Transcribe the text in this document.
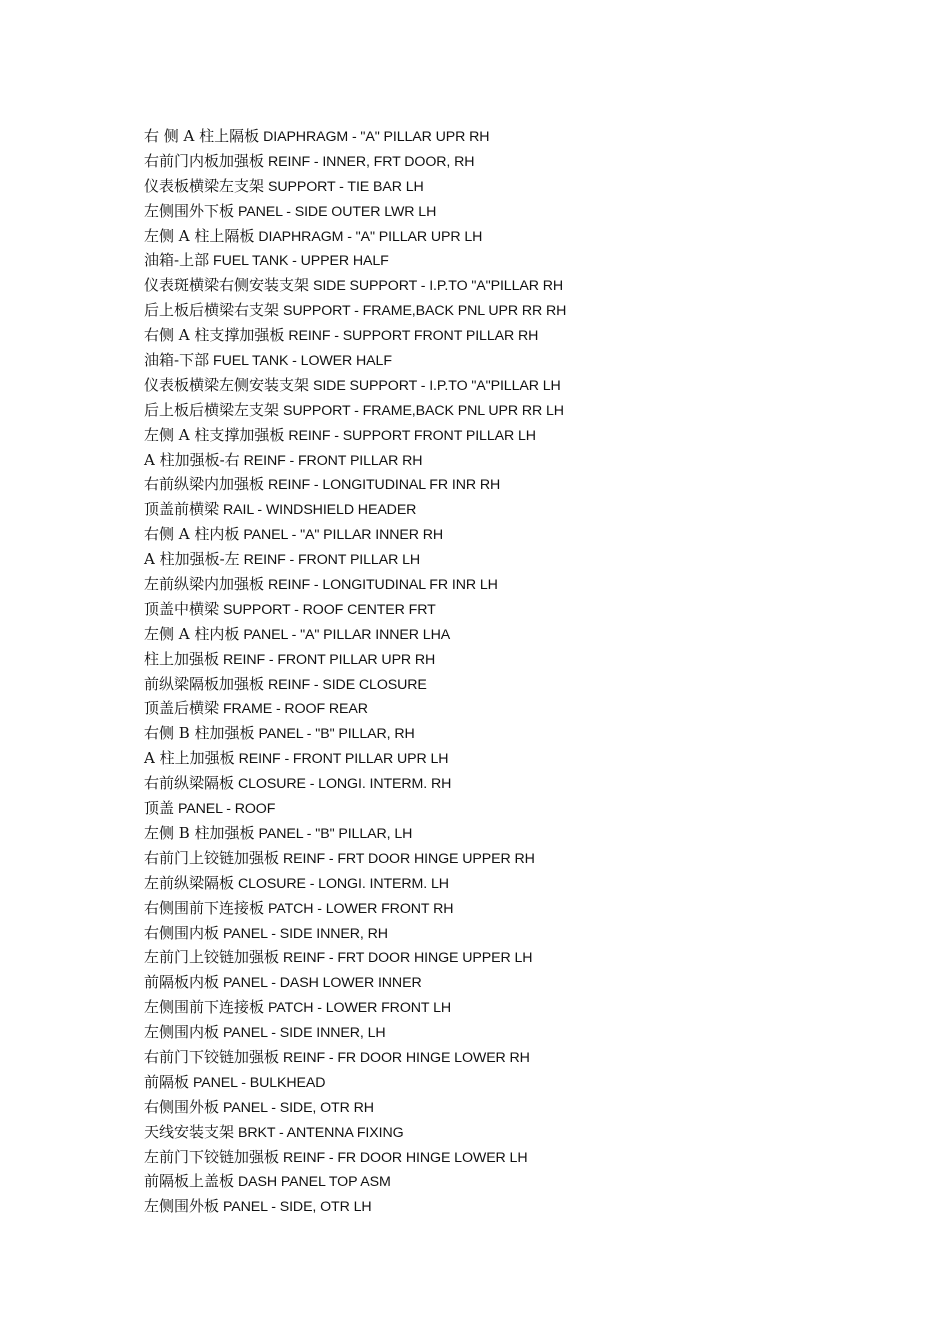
右 侧 A 柱上隔板 DIAPHRAGM - "A" PILLAR UPR RH
右前门内板加强板 REINF - INNER, FRT DOOR, RH
仪表板横梁左支架 SUPPORT - TIE BAR LH
左侧围外下板 PANEL - SIDE OUTER LWR LH
左侧 A 柱上隔板 DIAPHRAGM - "A" PILLAR UPR LH
油箱-上部 FUEL TANK - UPPER HALF
仪表斑横梁右侧安装支架 SIDE SUPPORT - I.P.TO "A"PILLAR RH
后上板后横梁右支架 SUPPORT - FRAME,BACK PNL UPR RR RH
右侧 A 柱支撑加强板 REINF - SUPPORT FRONT PILLAR RH
油箱-下部 FUEL TANK - LOWER HALF
仪表板横梁左侧安装支架 SIDE SUPPORT - I.P.TO "A"PILLAR LH
后上板后横梁左支架 SUPPORT - FRAME,BACK PNL UPR RR LH
左侧 A 柱支撑加强板 REINF - SUPPORT FRONT PILLAR LH
A 柱加强板-右 REINF - FRONT PILLAR RH
右前纵梁内加强板 REINF - LONGITUDINAL FR INR RH
顶盖前横梁 RAIL - WINDSHIELD HEADER
右侧 A 柱内板 PANEL - "A" PILLAR INNER RH
A 柱加强板-左 REINF - FRONT PILLAR LH
左前纵梁内加强板 REINF - LONGITUDINAL FR INR LH
顶盖中横梁 SUPPORT - ROOF CENTER FRT
左侧 A 柱内板 PANEL - "A" PILLAR INNER LHA
柱上加强板 REINF - FRONT PILLAR UPR RH
前纵梁隔板加强板 REINF - SIDE CLOSURE
顶盖后横梁 FRAME - ROOF REAR
右侧 B 柱加强板 PANEL - "B" PILLAR, RH
A 柱上加强板 REINF - FRONT PILLAR UPR LH
右前纵梁隔板 CLOSURE - LONGI. INTERM. RH
顶盖 PANEL - ROOF
左侧 B 柱加强板 PANEL - "B" PILLAR, LH
右前门上铰链加强板 REINF - FRT DOOR HINGE UPPER RH
左前纵梁隔板 CLOSURE - LONGI. INTERM. LH
右侧围前下连接板 PATCH - LOWER FRONT RH
右侧围内板 PANEL - SIDE INNER, RH
左前门上铰链加强板 REINF - FRT DOOR HINGE UPPER LH
前隔板内板 PANEL - DASH LOWER INNER
左侧围前下连接板 PATCH - LOWER FRONT LH
左侧围内板 PANEL - SIDE INNER, LH
右前门下铰链加强板 REINF - FR DOOR HINGE LOWER RH
前隔板 PANEL - BULKHEAD
右侧围外板 PANEL - SIDE, OTR RH
天线安装支架 BRKT - ANTENNA FIXING
左前门下铰链加强板 REINF - FR DOOR HINGE LOWER LH
前隔板上盖板 DASH PANEL TOP ASM
左侧围外板 PANEL - SIDE, OTR LH
